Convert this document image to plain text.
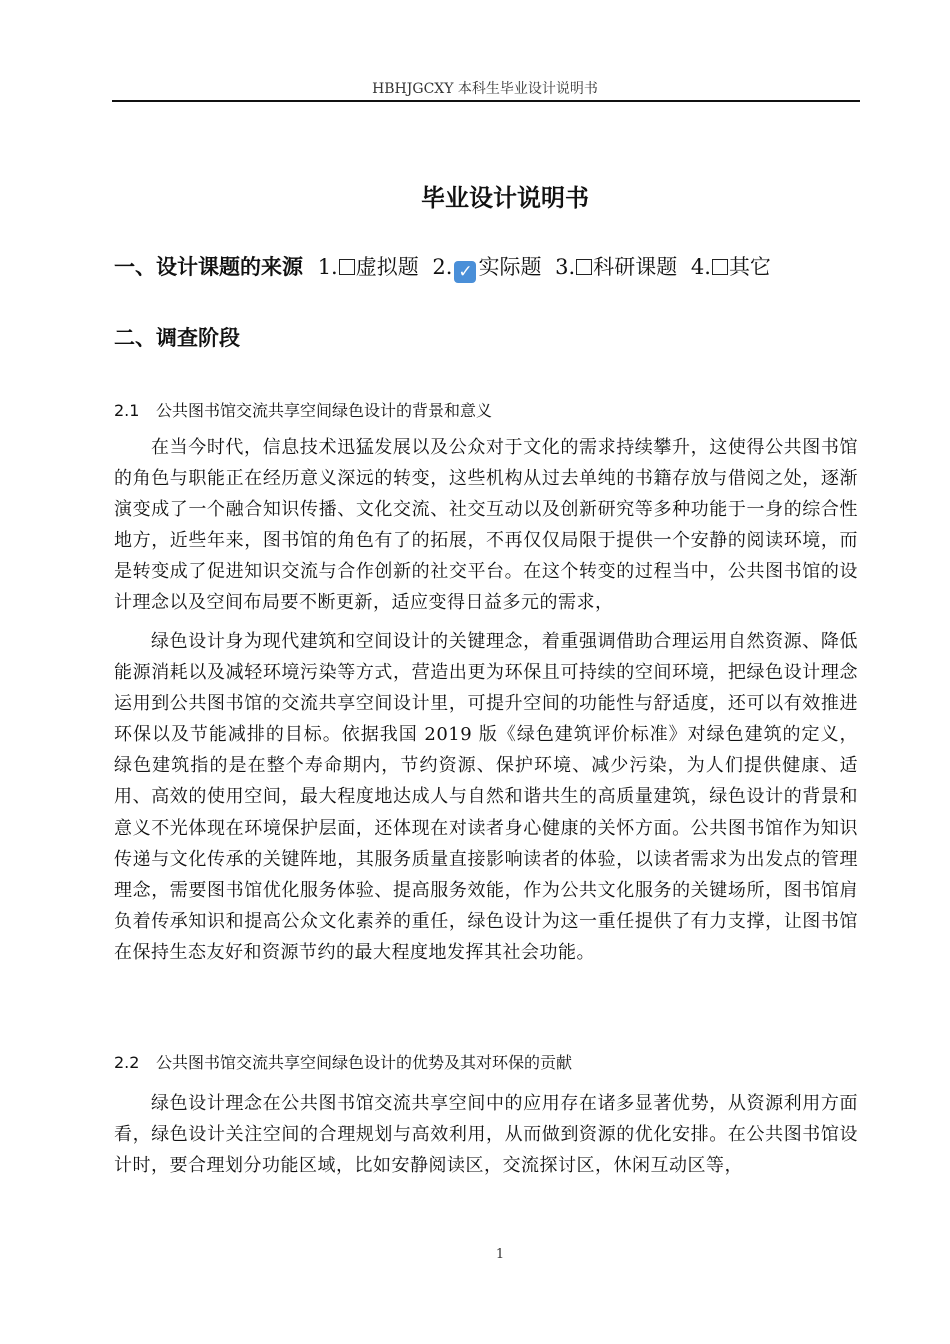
HBHJGCXY 本科生毕业设计说明书
毕业设计说明书
一、设计课题的来源 1. 虚拟题 2. ✓ 实际题 3. 科研课题 4. 其它
二、调查阶段
2.1 公共图书馆交流共享空间绿色设计的背景和意义

在当今时代，信息技术迅猛发展以及公众对于文化的需求持续攀升，这使得公共图书馆的角色与职能正在经历意义深远的转变，这些机构从过去单纯的书籍存放与借阅之处，逐渐演变成了一个融合知识传播、文化交流、社交互动以及创新研究等多种功能于一身的综合性地方，近些年来，图书馆的角色有了的拓展，不再仅仅局限于提供一个安静的阅读环境，而是转变成了促进知识交流与合作创新的社交平台。在这个转变的过程当中，公共图书馆的设计理念以及空间布局要不断更新，适应变得日益多元的需求，

绿色设计身为现代建筑和空间设计的关键理念，着重强调借助合理运用自然资源、降低能源消耗以及减轻环境污染等方式，营造出更为环保且可持续的空间环境，把绿色设计理念运用到公共图书馆的交流共享空间设计里，可提升空间的功能性与舒适度，还可以有效推进环保以及节能减排的目标。依据我国 2019 版《绿色建筑评价标准》对绿色建筑的定义，绿色建筑指的是在整个寿命期内，节约资源、保护环境、减少污染，为人们提供健康、适用、高效的使用空间，最大程度地达成人与自然和谐共生的高质量建筑，绿色设计的背景和意义不光体现在环境保护层面，还体现在对读者身心健康的关怀方面。公共图书馆作为知识传递与文化传承的关键阵地，其服务质量直接影响读者的体验，以读者需求为出发点的管理理念，需要图书馆优化服务体验、提高服务效能，作为公共文化服务的关键场所，图书馆肩负着传承知识和提高公众文化素养的重任，绿色设计为这一重任提供了有力支撑，让图书馆在保持生态友好和资源节约的最大程度地发挥其社会功能。

2.2 公共图书馆交流共享空间绿色设计的优势及其对环保的贡献

绿色设计理念在公共图书馆交流共享空间中的应用存在诸多显著优势，从资源利用方面看，绿色设计关注空间的合理规划与高效利用，从而做到资源的优化安排。在公共图书馆设计时，要合理划分功能区域，比如安静阅读区，交流探讨区，休闲互动区等，

1
